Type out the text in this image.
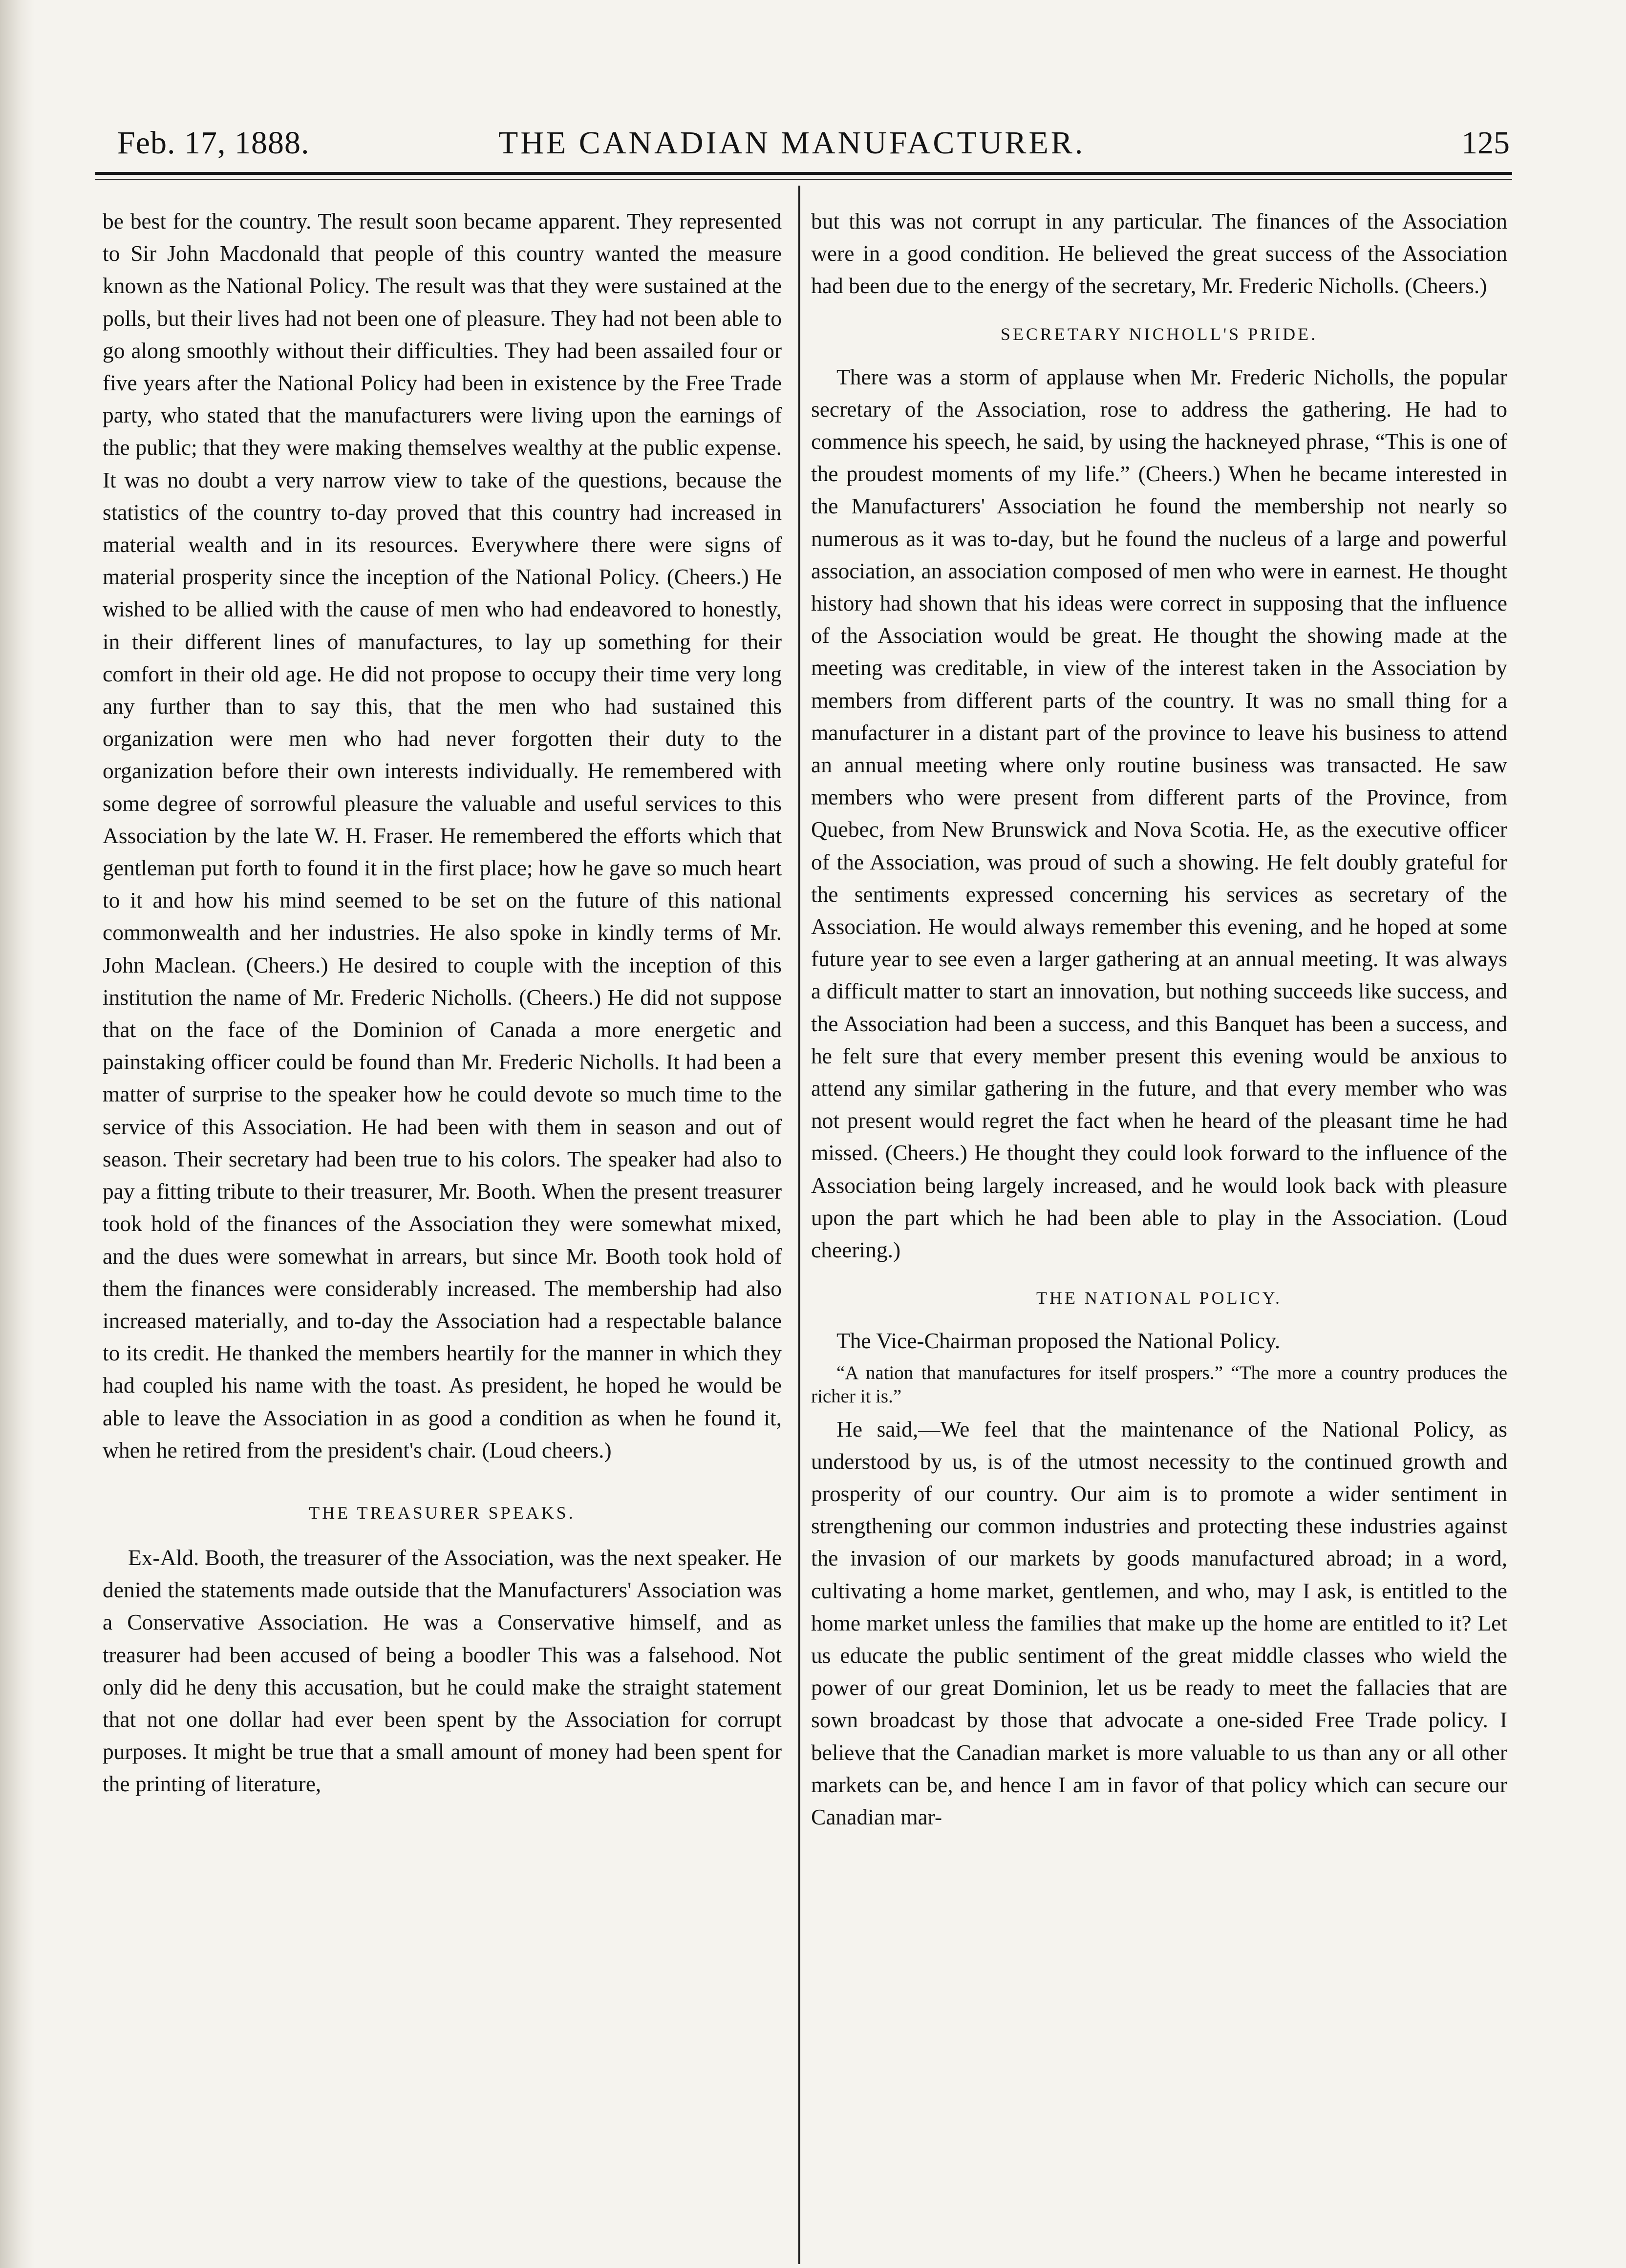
Feb. 17, 1888.	THE CANADIAN MANUFACTURER.	125

be best for the country. The result soon became apparent. They represented to Sir John Macdonald that people of this country wanted the measure known as the National Policy. The result was that they were sustained at the polls, but their lives had not been one of pleasure. They had not been able to go along smoothly without their difficulties. They had been assailed four or five years after the National Policy had been in existence by the Free Trade party, who stated that the manufacturers were living upon the earnings of the public; that they were making themselves wealthy at the public expense. It was no doubt a very narrow view to take of the questions, because the statistics of the country to-day proved that this country had increased in material wealth and in its resources. Everywhere there were signs of material prosperity since the inception of the National Policy. (Cheers.) He wished to be allied with the cause of men who had endeavored to honestly, in their different lines of manufactures, to lay up something for their comfort in their old age. He did not propose to occupy their time very long any further than to say this, that the men who had sustained this organization were men who had never forgotten their duty to the organization before their own interests individually. He remembered with some degree of sorrowful pleasure the valuable and useful services to this Association by the late W. H. Fraser. He remembered the efforts which that gentleman put forth to found it in the first place; how he gave so much heart to it and how his mind seemed to be set on the future of this national commonwealth and her industries. He also spoke in kindly terms of Mr. John Maclean. (Cheers.) He desired to couple with the inception of this institution the name of Mr. Frederic Nicholls. (Cheers.) He did not suppose that on the face of the Dominion of Canada a more energetic and painstaking officer could be found than Mr. Frederic Nicholls. It had been a matter of surprise to the speaker how he could devote so much time to the service of this Association. He had been with them in season and out of season. Their secretary had been true to his colors. The speaker had also to pay a fitting tribute to their treasurer, Mr. Booth. When the present treasurer took hold of the finances of the Association they were somewhat mixed, and the dues were somewhat in arrears, but since Mr. Booth took hold of them the finances were considerably increased. The membership had also increased materially, and to-day the Association had a respectable balance to its credit. He thanked the members heartily for the manner in which they had coupled his name with the toast. As president, he hoped he would be able to leave the Association in as good a condition as when he found it, when he retired from the president's chair. (Loud cheers.)

THE TREASURER SPEAKS.

Ex-Ald. Booth, the treasurer of the Association, was the next speaker. He denied the statements made outside that the Manufacturers' Association was a Conservative Association. He was a Conservative himself, and as treasurer had been accused of being a boodler This was a falsehood. Not only did he deny this accusation, but he could make the straight statement that not one dollar had ever been spent by the Association for corrupt purposes. It might be true that a small amount of money had been spent for the printing of literature,

but this was not corrupt in any particular. The finances of the Association were in a good condition. He believed the great success of the Association had been due to the energy of the secretary, Mr. Frederic Nicholls. (Cheers.)

SECRETARY NICHOLL'S PRIDE.

There was a storm of applause when Mr. Frederic Nicholls, the popular secretary of the Association, rose to address the gathering. He had to commence his speech, he said, by using the hackneyed phrase, “This is one of the proudest moments of my life.” (Cheers.) When he became interested in the Manufacturers' Association he found the membership not nearly so numerous as it was to-day, but he found the nucleus of a large and powerful association, an association composed of men who were in earnest. He thought history had shown that his ideas were correct in supposing that the influence of the Association would be great. He thought the showing made at the meeting was creditable, in view of the interest taken in the Association by members from different parts of the country. It was no small thing for a manufacturer in a distant part of the province to leave his business to attend an annual meeting where only routine business was transacted. He saw members who were present from different parts of the Province, from Quebec, from New Brunswick and Nova Scotia. He, as the executive officer of the Association, was proud of such a showing. He felt doubly grateful for the sentiments expressed concerning his services as secretary of the Association. He would always remember this evening, and he hoped at some future year to see even a larger gathering at an annual meeting. It was always a difficult matter to start an innovation, but nothing succeeds like success, and the Association had been a success, and this Banquet has been a success, and he felt sure that every member present this evening would be anxious to attend any similar gathering in the future, and that every member who was not present would regret the fact when he heard of the pleasant time he had missed. (Cheers.) He thought they could look forward to the influence of the Association being largely increased, and he would look back with pleasure upon the part which he had been able to play in the Association. (Loud cheering.)

THE NATIONAL POLICY.

The Vice-Chairman proposed the National Policy.

“A nation that manufactures for itself prospers.” “The more a country produces the richer it is.”

He said,—We feel that the maintenance of the National Policy, as understood by us, is of the utmost necessity to the continued growth and prosperity of our country. Our aim is to promote a wider sentiment in strengthening our common industries and protecting these industries against the invasion of our markets by goods manufactured abroad; in a word, cultivating a home market, gentlemen, and who, may I ask, is entitled to the home market unless the families that make up the home are entitled to it? Let us educate the public sentiment of the great middle classes who wield the power of our great Dominion, let us be ready to meet the fallacies that are sown broadcast by those that advocate a one-sided Free Trade policy. I believe that the Canadian market is more valuable to us than any or all other markets can be, and hence I am in favor of that policy which can secure our Canadian mar-
